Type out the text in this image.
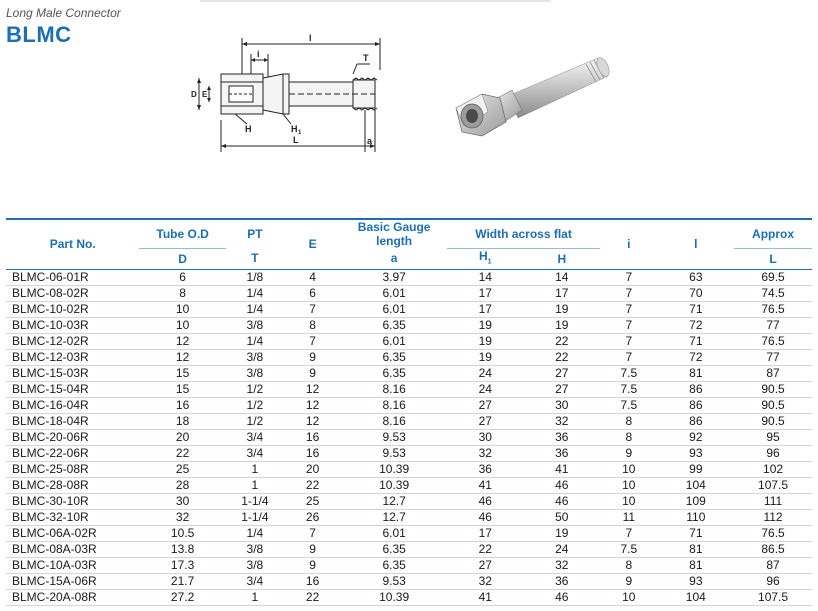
Long Male Connector
BLMC	l
i	T
D E
H	H 1
L	a
Part No.	Tube O.D	PT	E	Basic Gauge
length	Width across flat		i	l	Approx
	D	T		a	$H_1$	H			L

BLMC-06-01R	6	1/8	4	3.97	14	14	7	63	69.5
BLMC-08-02R	8	1/4	6	6.01	17	17	7	70	74.5
BLMC-10-02R	10	1/4	7	6.01	17	19	7	71	76.5
BLMC-10-03R	10	3/8	8	6.35	19	19	7	72	77
BLMC-12-02R	12	1/4	7	6.01	19	22	7	71	76.5
BLMC-12-03R	12	3/8	9	6.35	19	22	7	72	77
BLMC-15-03R	15	3/8	9	6.35	24	27	7.5	81	87
BLMC-15-04R	15	1/2	12	8.16	24	27	7.5	86	90.5
BLMC-16-04R	16	1/2	12	8.16	27	30	7.5	86	90.5
BLMC-18-04R	18	1/2	12	8.16	27	32	8	86	90.5
BLMC-20-06R	20	3/4	16	9.53	30	36	8	92	95
BLMC-22-06R	22	3/4	16	9.53	32	36	9	93	96
BLMC-25-08R	25	1	20	10.39	36	41	10	99	102
BLMC-28-08R	28	1	22	10.39	41	46	10	104	107.5
BLMC-30-10R	30	1-1/4	25	12.7	46	46	10	109	111
BLMC-32-10R	32	1-1/4	26	12.7	46	50	11	110	112
BLMC-06A-02R	10.5	1/4	7	6.01	17	19	7	71	76.5
BLMC-08A-03R	13.8	3/8	9	6.35	22	24	7.5	81	86.5
BLMC-10A-03R	17.3	3/8	9	6.35	27	32	8	81	87
BLMC-15A-06R	21.7	3/4	16	9.53	32	36	9	93	96
BLMC-20A-08R	27.2	1	22	10.39	41	46	10	104	107.5
